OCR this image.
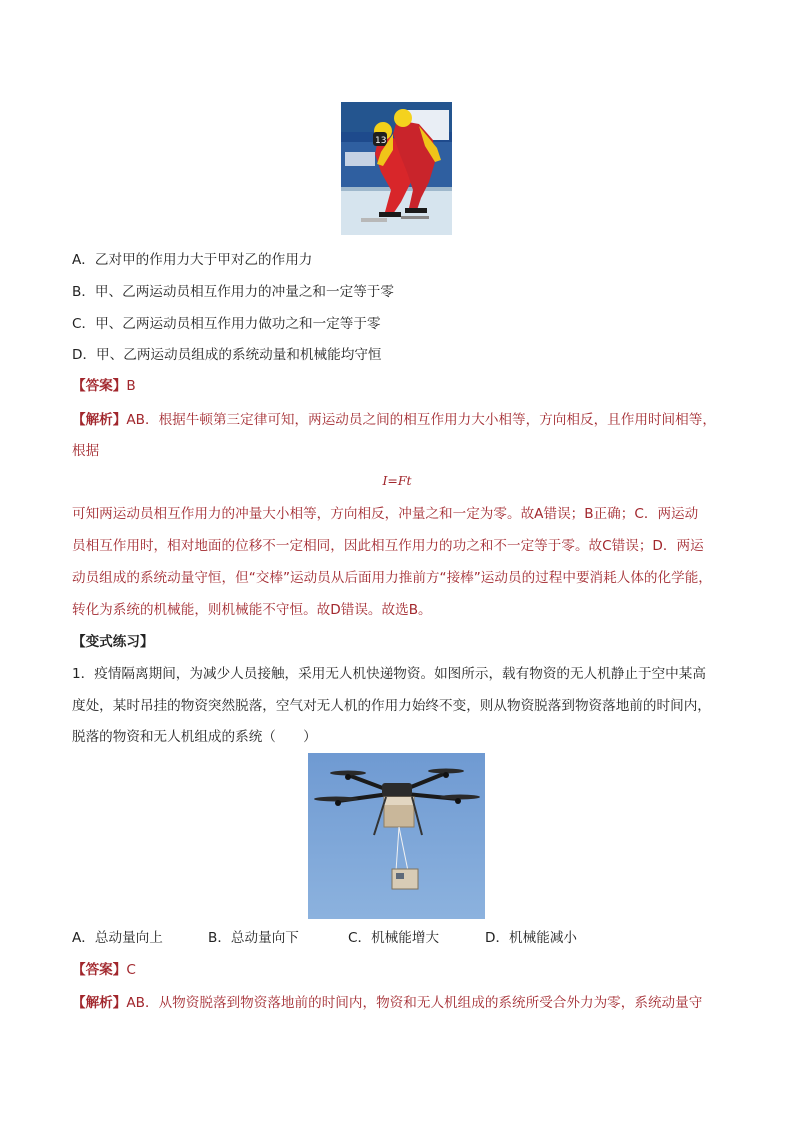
13
A．乙对甲的作用力大于甲对乙的作用力
B．甲、乙两运动员相互作用力的冲量之和一定等于零
C．甲、乙两运动员相互作用力做功之和一定等于零
D．甲、乙两运动员组成的系统动量和机械能均守恒
【答案】B
【解析】AB．根据牛顿第三定律可知，两运动员之间的相互作用力大小相等，方向相反，且作用时间相等，
根据
I=Ft
可知两运动员相互作用力的冲量大小相等，方向相反，冲量之和一定为零。故A错误；B正确；C．两运动
员相互作用时，相对地面的位移不一定相同，因此相互作用力的功之和不一定等于零。故C错误；D．两运
动员组成的系统动量守恒，但“交棒”运动员从后面用力推前方“接棒”运动员的过程中要消耗人体的化学能，
转化为系统的机械能，则机械能不守恒。故D错误。故选B。
【变式练习】
1．疫情隔离期间，为减少人员接触，采用无人机快递物资。如图所示，载有物资的无人机静止于空中某高
度处，某时吊挂的物资突然脱落，空气对无人机的作用力始终不变，则从物资脱落到物资落地前的时间内，
脱落的物资和无人机组成的系统（　　）
A．总动量向上	B．总动量向下	C．机械能增大	D．机械能减小
【答案】C
【解析】AB．从物资脱落到物资落地前的时间内，物资和无人机组成的系统所受合外力为零，系统动量守
